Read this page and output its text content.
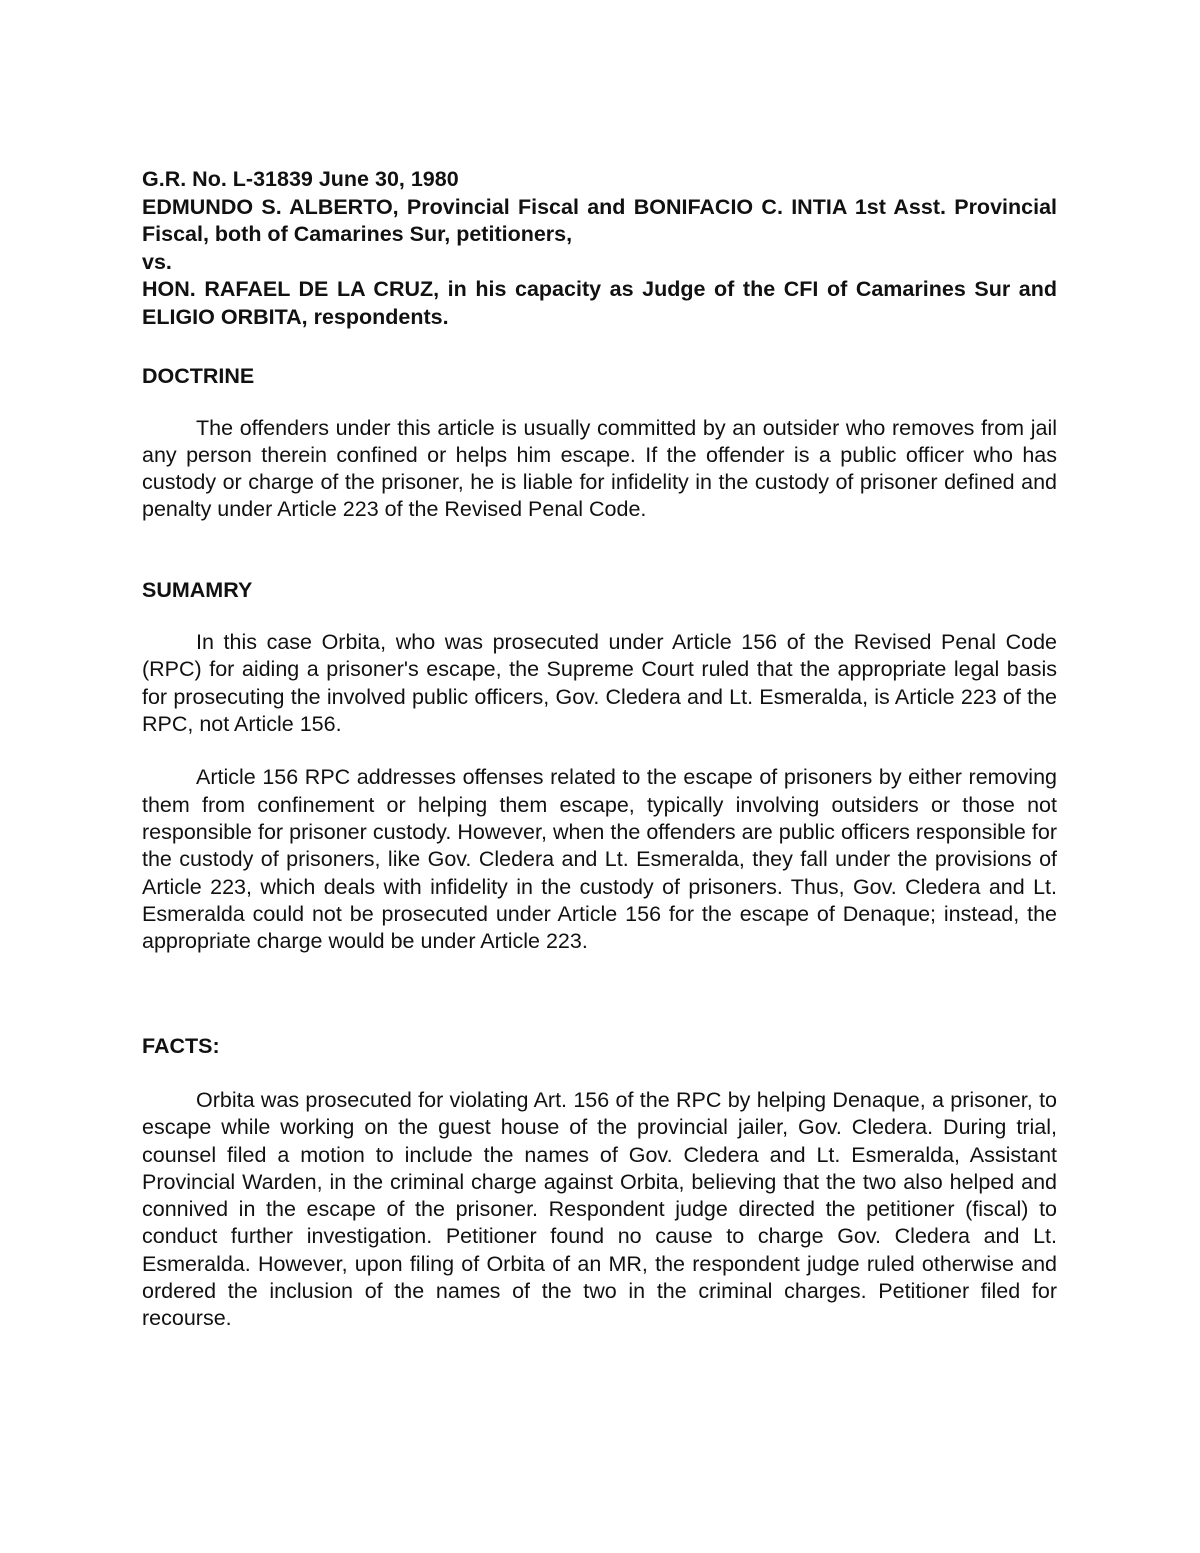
G.R. No. L-31839 June 30, 1980

EDMUNDO S. ALBERTO, Provincial Fiscal and BONIFACIO C. INTIA 1st Asst. Provincial Fiscal, both of Camarines Sur, petitioners,

vs.

HON. RAFAEL DE LA CRUZ, in his capacity as Judge of the CFI of Camarines Sur and ELIGIO ORBITA, respondents.

DOCTRINE

The offenders under this article is usually committed by an outsider who removes from jail any person therein confined or helps him escape. If the offender is a public officer who has custody or charge of the prisoner, he is liable for infidelity in the custody of prisoner defined and penalty under Article 223 of the Revised Penal Code.

SUMAMRY

In this case Orbita, who was prosecuted under Article 156 of the Revised Penal Code (RPC) for aiding a prisoner's escape, the Supreme Court ruled that the appropriate legal basis for prosecuting the involved public officers, Gov. Cledera and Lt. Esmeralda, is Article 223 of the RPC, not Article 156.

Article 156 RPC addresses offenses related to the escape of prisoners by either removing them from confinement or helping them escape, typically involving outsiders or those not responsible for prisoner custody. However, when the offenders are public officers responsible for the custody of prisoners, like Gov. Cledera and Lt. Esmeralda, they fall under the provisions of Article 223, which deals with infidelity in the custody of prisoners. Thus, Gov. Cledera and Lt. Esmeralda could not be prosecuted under Article 156 for the escape of Denaque; instead, the appropriate charge would be under Article 223.

FACTS:

Orbita was prosecuted for violating Art. 156 of the RPC by helping Denaque, a prisoner, to escape while working on the guest house of the provincial jailer, Gov. Cledera. During trial, counsel filed a motion to include the names of Gov. Cledera and Lt. Esmeralda, Assistant Provincial Warden, in the criminal charge against Orbita, believing that the two also helped and connived in the escape of the prisoner. Respondent judge directed the petitioner (fiscal) to conduct further investigation. Petitioner found no cause to charge Gov. Cledera and Lt. Esmeralda. However, upon filing of Orbita of an MR, the respondent judge ruled otherwise and ordered the inclusion of the names of the two in the criminal charges. Petitioner filed for recourse.
